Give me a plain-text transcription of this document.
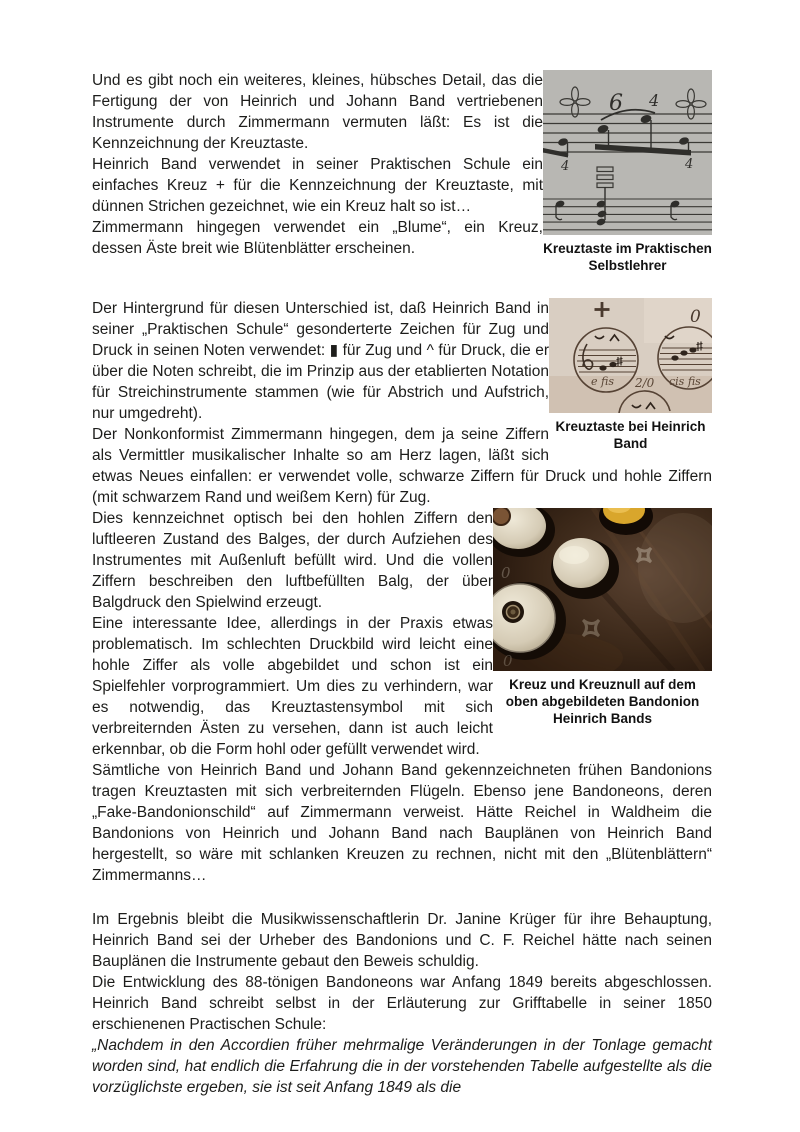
6 4
4	4
Kreuztaste im Praktischen Selbstlehrer

Und es gibt noch ein weiteres, kleines, hübsches Detail, das die Fertigung der von Heinrich und Johann Band vertriebenen Instrumente durch Zimmermann vermuten läßt: Es ist die Kennzeichnung der Kreuztaste.

Heinrich Band verwendet in seiner Praktischen Schule ein einfaches Kreuz + für die Kennzeichnung der Kreuztaste, mit dünnen Strichen gezeichnet, wie ein Kreuz halt so ist…

Zimmermann hingegen verwendet ein „Blume“, ein Kreuz, dessen Äste breit wie Blütenblätter erscheinen.

0
e fis 2/0 cis fis
Kreuztaste bei Heinrich Band

Der Hintergrund für diesen Unterschied ist, daß Heinrich Band in seiner „Praktischen Schule“ gesonderterte Zeichen für Zug und Druck in seinen Noten verwendet: ▮ für Zug und ^ für Druck, die er über die Noten schreibt, die im Prinzip aus der etablierten Notation für Streichinstrumente stammen (wie für Abstrich und Aufstrich, nur umgedreht).

Der Nonkonformist Zimmermann hingegen, dem ja seine Ziffern als Vermittler musikalischer Inhalte so am Herz lagen, läßt sich etwas Neues einfallen: er verwendet volle, schwarze Ziffern für Druck und hohle Ziffern (mit schwarzem Rand und weißem Kern) für Zug.

0
0
Kreuz und Kreuznull auf dem oben abgebildeten Bandonion Heinrich Bands

Dies kennzeichnet optisch bei den hohlen Ziffern den luftleeren Zustand des Balges, der durch Aufziehen des Instrumentes mit Außenluft befüllt wird. Und die vollen Ziffern beschreiben den luftbefüllten Balg, der über Balgdruck den Spielwind erzeugt.

Eine interessante Idee, allerdings in der Praxis etwas problematisch. Im schlechten Druckbild wird leicht eine hohle Ziffer als volle abgebildet und schon ist ein Spielfehler vorprogrammiert. Um dies zu verhindern, war es notwendig, das Kreuztastensymbol mit sich verbreiternden Ästen zu versehen, dann ist auch leicht erkennbar, ob die Form hohl oder gefüllt verwendet wird.

Sämtliche von Heinrich Band und Johann Band gekennzeichneten frühen Bandonions tragen Kreuztasten mit sich verbreiternden Flügeln. Ebenso jene Bandoneons, deren „Fake-Bandonionschild“ auf Zimmermann verweist. Hätte Reichel in Waldheim die Bandonions von Heinrich und Johann Band nach Bauplänen von Heinrich Band hergestellt, so wäre mit schlanken Kreuzen zu rechnen, nicht mit den „Blütenblättern“ Zimmermanns…

Im Ergebnis bleibt die Musikwissenschaftlerin Dr. Janine Krüger für ihre Behauptung, Heinrich Band sei der Urheber des Bandonions und C. F. Reichel hätte nach seinen Bauplänen die Instrumente gebaut den Beweis schuldig.

Die Entwicklung des 88-tönigen Bandoneons war Anfang 1849 bereits abgeschlossen. Heinrich Band schreibt selbst in der Erläuterung zur Grifftabelle in seiner 1850 erschienenen Practischen Schule:

„Nachdem in den Accordien früher mehrmalige Veränderungen in der Tonlage gemacht worden sind, hat endlich die Erfahrung die in der vorstehenden Tabelle aufgestellte als die vorzüglichste ergeben, sie ist seit Anfang 1849 als die
